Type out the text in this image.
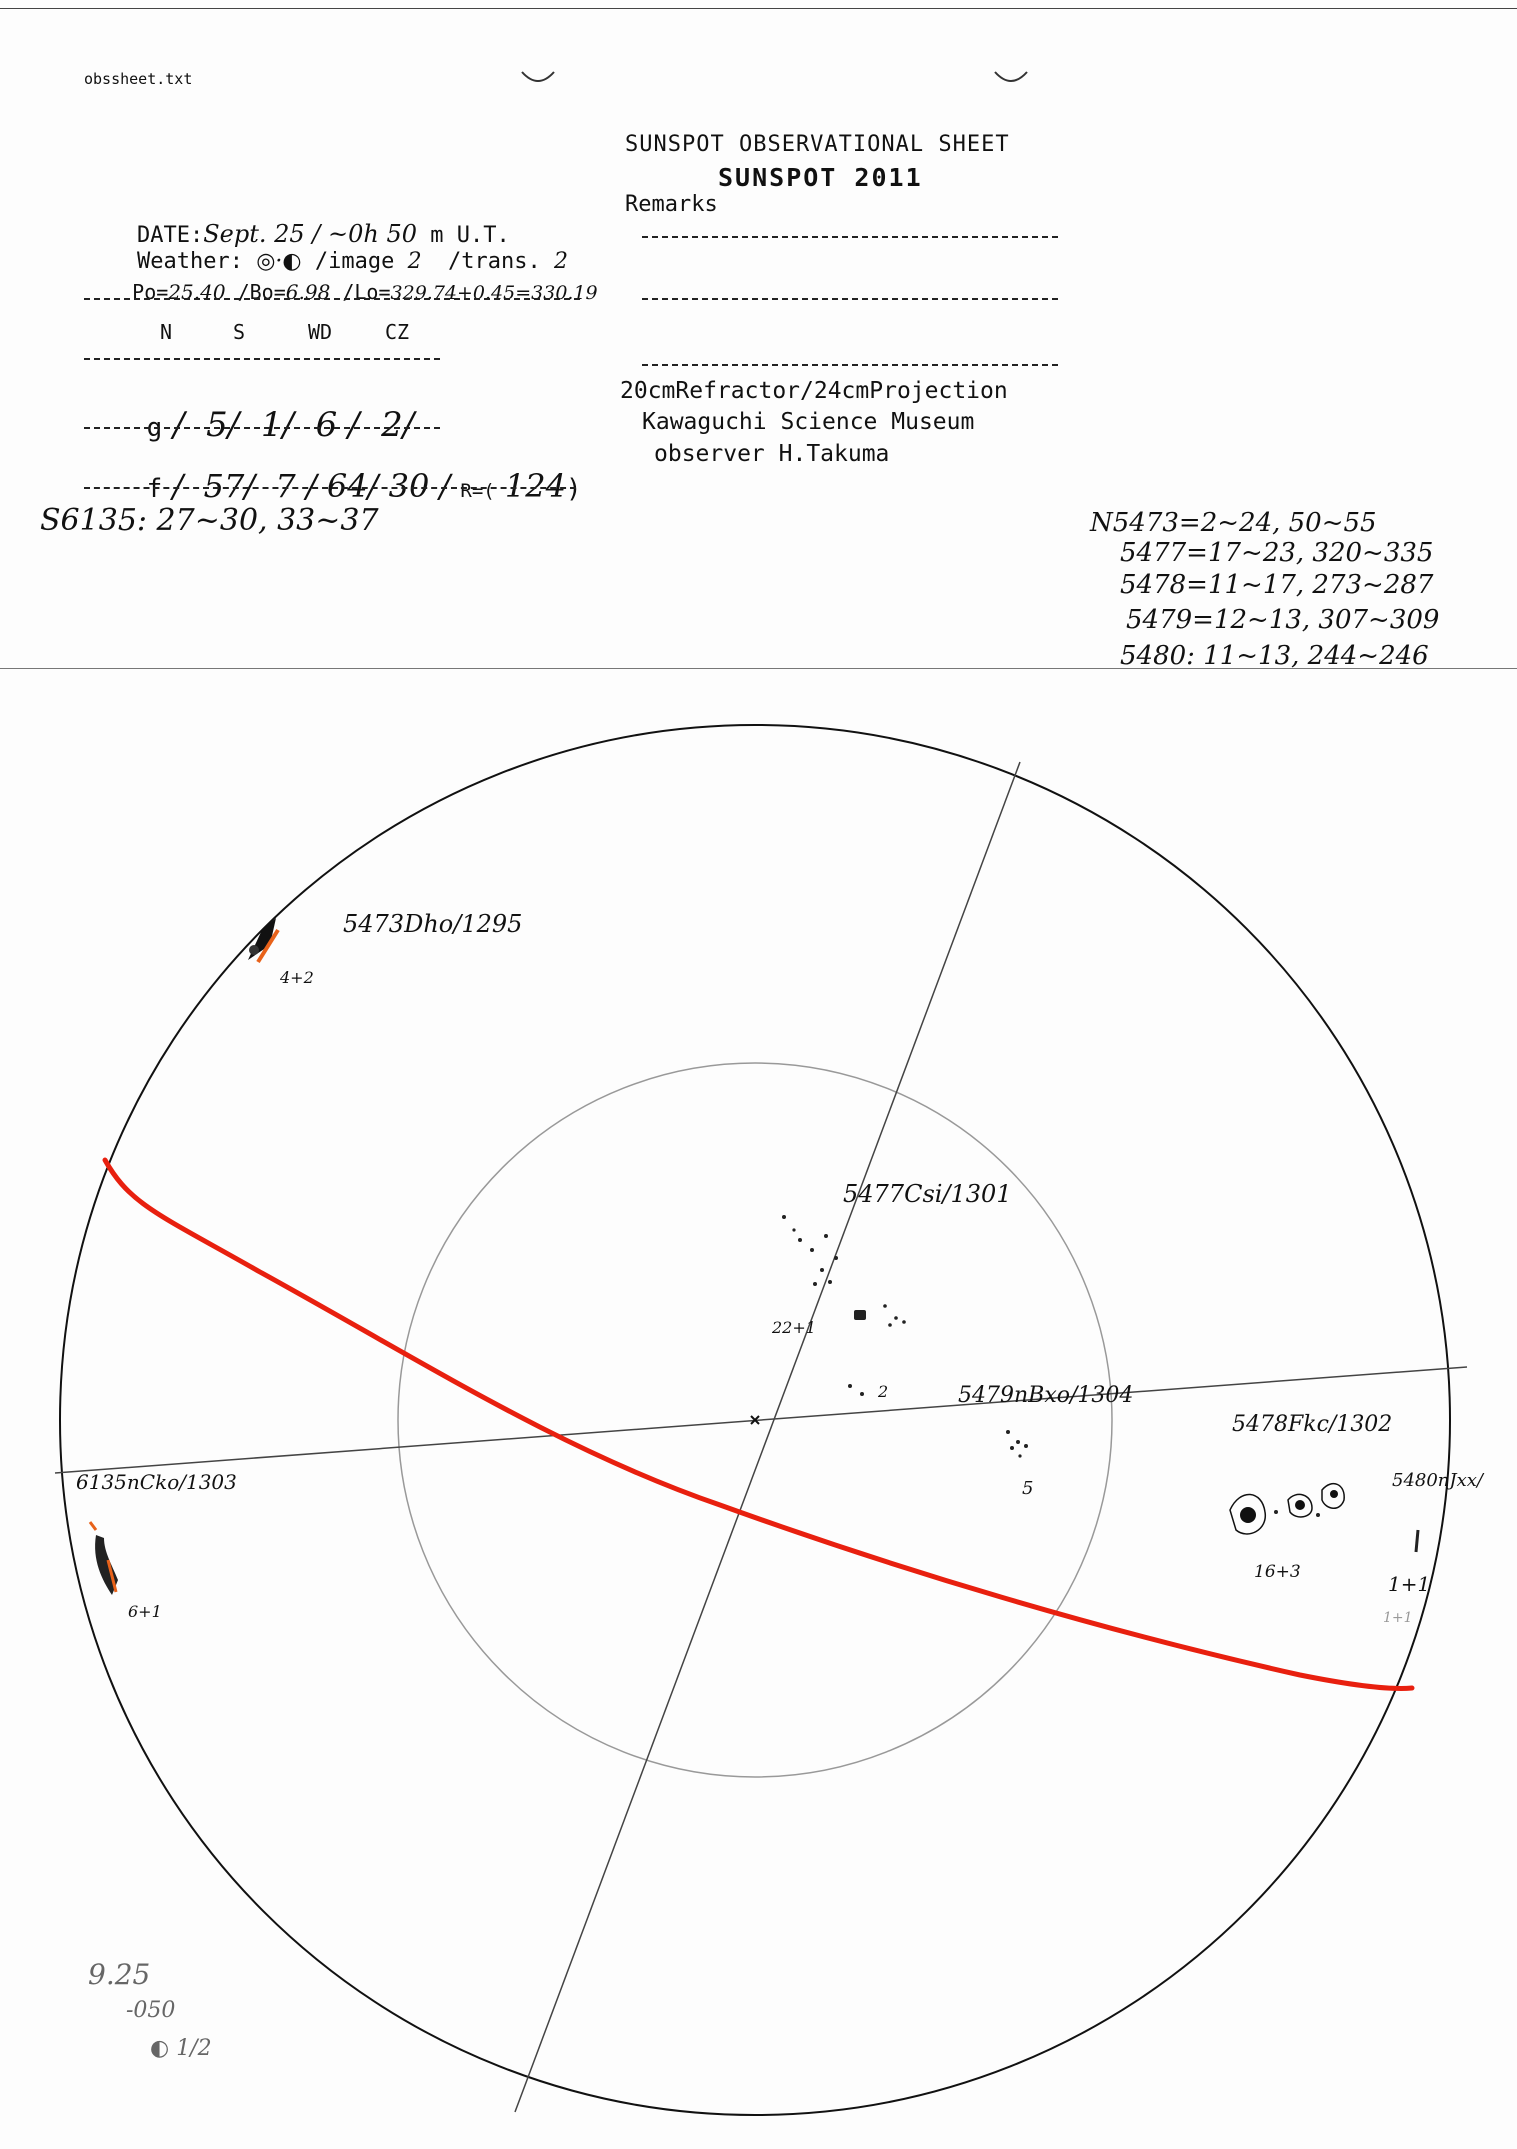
obssheet.txt
SUNSPOT OBSERVATIONAL SHEET
SUNSPOT 2011
Remarks

DATE:Sept. 25 / ~0h 50 m U.T.

Weather: ◎·◐ /image 2  /trans. 2

Po=25.40 /Bo=6.98 /Lo=329.74+0.45=330.19

N	S	WD	CZ

g /  5/  1/  6 /  2/

f /  57/  7 / 64/ 30 / R=( 124)

S6135: 27~30, 33~37
20cmRefractor/24cmProjection
Kawaguchi Science Museum
observer H.Takuma
N5473=2~24, 50~55
5477=17~23, 320~335
5478=11~17, 273~287
5479=12~13, 307~309
5480: 11~13, 244~246
5473Dho/1295
4+2
5477Csi/1301
22+1
2	5479nBxo/1304
5
5478Fkc/1302
16+3
5480nJxx/
1+1
1+1
6135nCko/1303
6+1
9.25
-050
◐ 1/2
